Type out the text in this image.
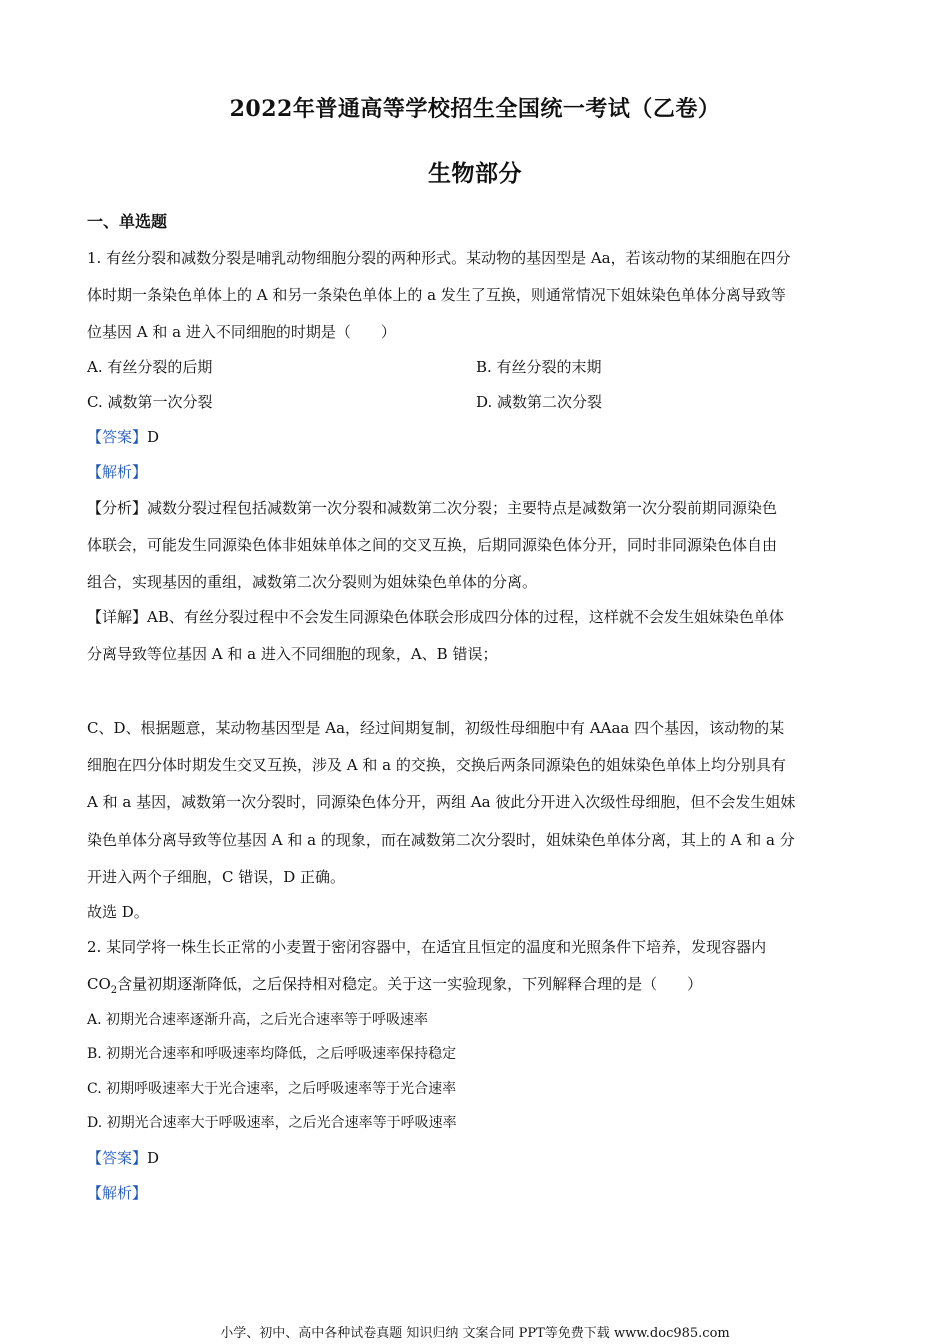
2022年普通高等学校招生全国统一考试（乙卷）
生物部分
一、单选题
1. 有丝分裂和减数分裂是哺乳动物细胞分裂的两种形式。某动物的基因型是 Aa，若该动物的某细胞在四分
体时期一条染色单体上的 A 和另一条染色单体上的 a 发生了互换，则通常情况下姐妹染色单体分离导致等
位基因 A 和 a 进入不同细胞的时期是（　　）
A. 有丝分裂的后期	B. 有丝分裂的末期
C. 减数第一次分裂	D. 减数第二次分裂
【答案】D
【解析】
【分析】减数分裂过程包括减数第一次分裂和减数第二次分裂；主要特点是减数第一次分裂前期同源染色
体联会，可能发生同源染色体非姐妹单体之间的交叉互换，后期同源染色体分开，同时非同源染色体自由
组合，实现基因的重组，减数第二次分裂则为姐妹染色单体的分离。
【详解】AB、有丝分裂过程中不会发生同源染色体联会形成四分体的过程，这样就不会发生姐妹染色单体
分离导致等位基因 A 和 a 进入不同细胞的现象，A、B 错误；
C、D、根据题意，某动物基因型是 Aa，经过间期复制，初级性母细胞中有 AAaa 四个基因，该动物的某
细胞在四分体时期发生交叉互换，涉及 A 和 a 的交换，交换后两条同源染色的姐妹染色单体上均分别具有
A 和 a 基因，减数第一次分裂时，同源染色体分开，两组 Aa 彼此分开进入次级性母细胞，但不会发生姐妹
染色单体分离导致等位基因 A 和 a 的现象，而在减数第二次分裂时，姐妹染色单体分离，其上的 A 和 a 分
开进入两个子细胞，C 错误，D 正确。
故选 D。
2. 某同学将一株生长正常的小麦置于密闭容器中，在适宜且恒定的温度和光照条件下培养，发现容器内
$CO_2$含量初期逐渐降低，之后保持相对稳定。关于这一实验现象，下列解释合理的是（　　）
A. 初期光合速率逐渐升高，之后光合速率等于呼吸速率
B. 初期光合速率和呼吸速率均降低，之后呼吸速率保持稳定
C. 初期呼吸速率大于光合速率，之后呼吸速率等于光合速率
D. 初期光合速率大于呼吸速率，之后光合速率等于呼吸速率
【答案】D
【解析】
小学、初中、高中各种试卷真题 知识归纳 文案合同 PPT等免费下载 www.doc985.com
